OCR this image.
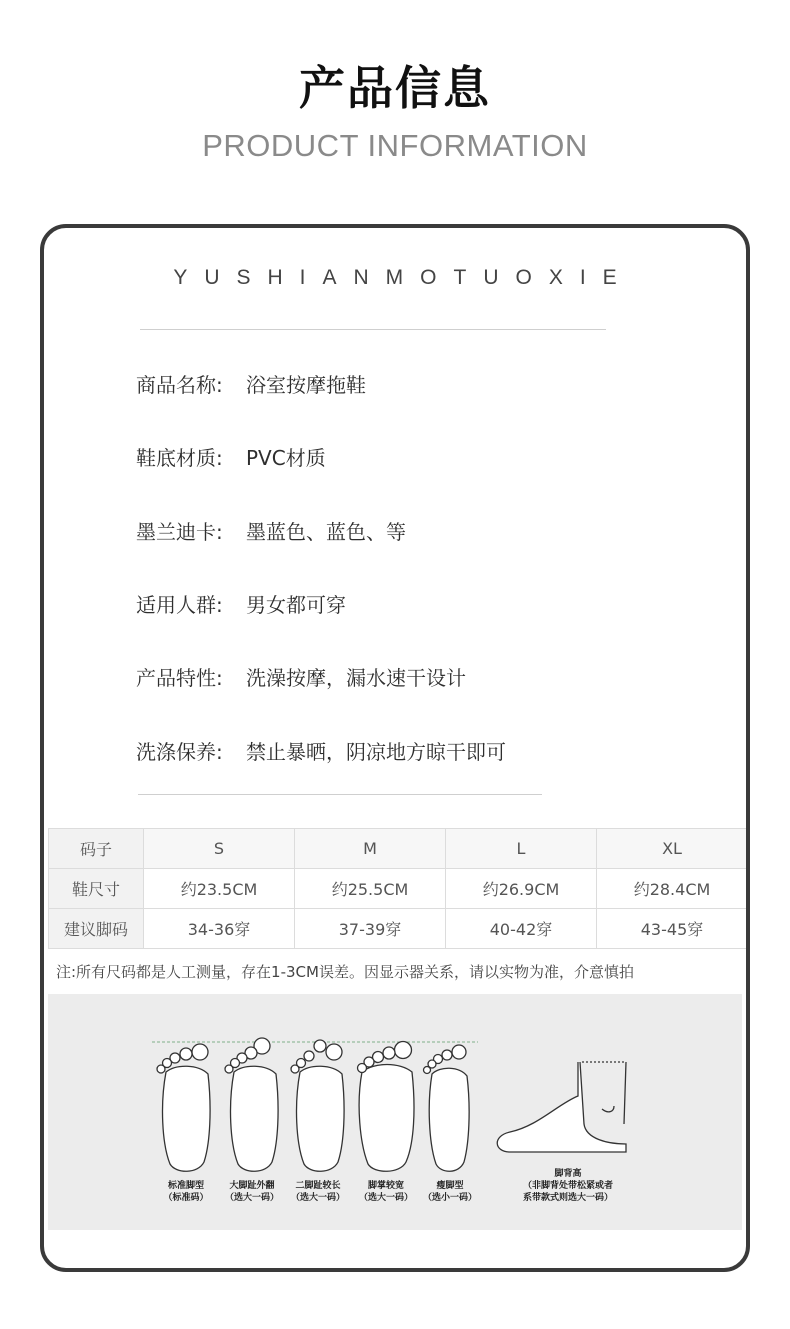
产品信息
PRODUCT INFORMATION
YUSHIANMOTUOXIE
商品名称: 浴室按摩拖鞋
鞋底材质: PVC材质
墨兰迪卡: 墨蓝色、蓝色、等
适用人群: 男女都可穿
产品特性: 洗澡按摩，漏水速干设计
洗涤保养: 禁止暴晒，阴凉地方晾干即可
码子	S	M	L	XL
鞋尺寸	约23.5CM	约25.5CM	约26.9CM	约28.4CM
建议脚码	34-36穿	37-39穿	40-42穿	43-45穿
注:所有尺码都是人工测量，存在1-3CM误差。因显示器关系，请以实物为准，介意慎拍
标准脚型
（标准码）
大脚趾外翻
（选大一码）
二脚趾较长
（选大一码）
脚掌较宽
（选大一码）
瘦脚型
（选小一码）
脚背高
（非脚背处带松紧或者
系带款式则选大一码）
